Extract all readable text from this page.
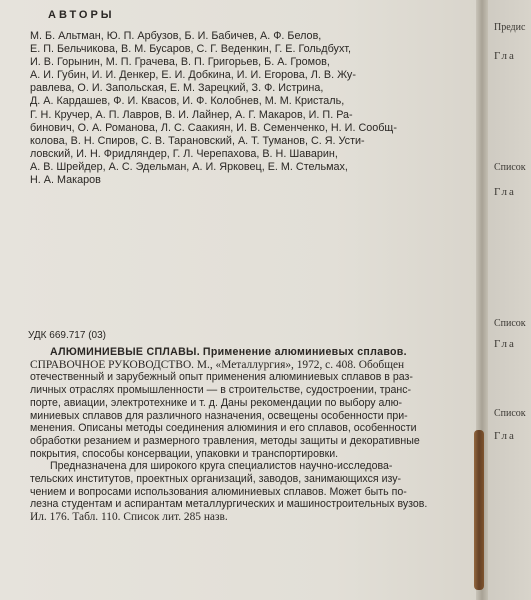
АВТОРЫ
М. Б. Альтман, Ю. П. Арбузов, Б. И. Бабичев, А. Ф. Белов,
Е. П. Бельчикова, В. М. Бусаров, С. Г. Веденкин, Г. Е. Гольдбухт,
И. В. Горынин, М. П. Грачева, В. П. Григорьев, Б. А. Громов,
А. И. Губин, И. И. Денкер, Е. И. Добкина, И. И. Егорова, Л. В. Жу-
равлева, О. И. Запольская, Е. М. Зарецкий, З. Ф. Истрина,
Д. А. Кардашев, Ф. И. Квасов, И. Ф. Колобнев, М. М. Кристаль,
Г. Н. Кручер, А. П. Лавров, В. И. Лайнер, А. Г. Макаров, И. П. Ра-
бинович, О. А. Романова, Л. С. Саакиян, И. В. Семенченко, Н. И. Сообщ-
колова, В. Н. Спиров, С. В. Тарановский, А. Т. Туманов, С. Я. Усти-
ловский, И. Н. Фридляндер, Г. Л. Черепахова, В. Н. Шаварин,
А. В. Шрейдер, А. С. Эдельман, А. И. Ярковец, Е. М. Стельмах,
Н. А. Макаров
УДК 669.717 (03)
АЛЮМИНИЕВЫЕ СПЛАВЫ. Применение алюминиевых сплавов.
СПРАВОЧНОЕ РУКОВОДСТВО. М., «Металлургия», 1972, с. 408. Обобщен
отечественный и зарубежный опыт применения алюминиевых сплавов в раз-
личных отраслях промышленности — в строительстве, судостроении, транс-
порте, авиации, электротехнике и т. д. Даны рекомендации по выбору алю-
миниевых сплавов для различного назначения, освещены особенности при-
менения. Описаны методы соединения алюминия и его сплавов, особенности
обработки резанием и размерного травления, методы защиты и декоративные
покрытия, способы консервации, упаковки и транспортировки.
Предназначена для широкого круга специалистов научно-исследова-
тельских институтов, проектных организаций, заводов, занимающихся изу-
чением и вопросами использования алюминиевых сплавов. Может быть по-
лезна студентам и аспирантам металлургических и машиностроительных вузов.
Ил. 176. Табл. 110. Список лит. 285 назв.
Предис
Гла
Список
Гла
Список
Гла
Список
Гла
